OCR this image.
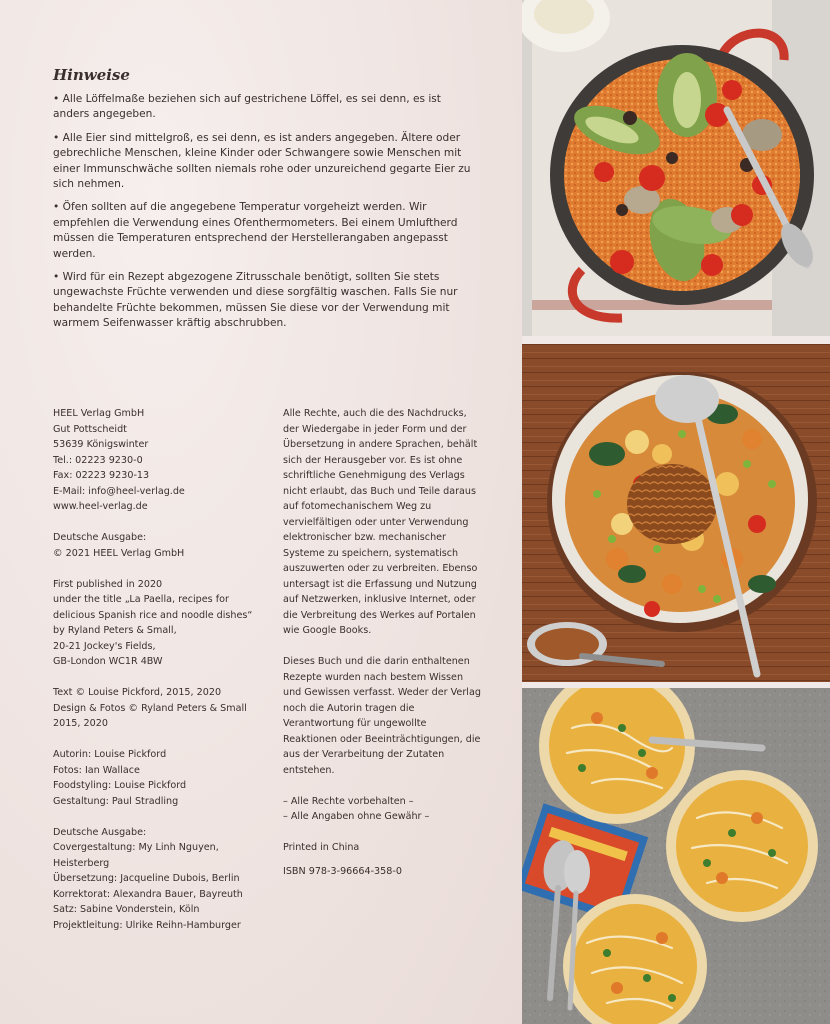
Hinweise

• Alle Löffelmaße beziehen sich auf gestrichene Löffel, es sei denn, es ist anders angegeben.

• Alle Eier sind mittelgroß, es sei denn, es ist anders angegeben. Ältere oder gebrechliche Menschen, kleine Kinder oder Schwangere sowie Menschen mit einer Immunschwäche sollten niemals rohe oder unzureichend gegarte Eier zu sich nehmen.

• Öfen sollten auf die angegebene Temperatur vorgeheizt werden. Wir empfehlen die Verwendung eines Ofenthermometers. Bei einem Umluftherd müssen die Temperaturen entsprechend der Herstellerangaben angepasst werden.

• Wird für ein Rezept abgezogene Zitrusschale benötigt, sollten Sie stets ungewachste Früchte verwenden und diese sorgfältig waschen. Falls Sie nur behandelte Früchte bekommen, müssen Sie diese vor der Verwendung mit warmem Seifenwasser kräftig abschrubben.

HEEL Verlag GmbH
Gut Pottscheidt
53639 Königswinter
Tel.: 02223 9230-0
Fax: 02223 9230-13
E-Mail: info@heel-verlag.de
www.heel-verlag.de
Deutsche Ausgabe:
© 2021 HEEL Verlag GmbH
First published in 2020
under the title „La Paella, recipes for
delicious Spanish rice and noodle dishes“
by Ryland Peters & Small,
20-21 Jockey's Fields,
GB-London WC1R 4BW
Text © Louise Pickford, 2015, 2020
Design & Fotos © Ryland Peters & Small
2015, 2020
Autorin: Louise Pickford
Fotos: Ian Wallace
Foodstyling: Louise Pickford
Gestaltung: Paul Stradling
Deutsche Ausgabe:
Covergestaltung: My Linh Nguyen,
Heisterberg
Übersetzung: Jacqueline Dubois, Berlin
Korrektorat: Alexandra Bauer, Bayreuth
Satz: Sabine Vonderstein, Köln
Projektleitung: Ulrike Reihn-Hamburger
Alle Rechte, auch die des Nachdrucks,
der Wiedergabe in jeder Form und der
Übersetzung in andere Sprachen, behält
sich der Herausgeber vor. Es ist ohne
schriftliche Genehmigung des Verlags
nicht erlaubt, das Buch und Teile daraus
auf fotomechanischem Weg zu
vervielfältigen oder unter Verwendung
elektronischer bzw. mechanischer
Systeme zu speichern, systematisch
auszuwerten oder zu verbreiten. Ebenso
untersagt ist die Erfassung und Nutzung
auf Netzwerken, inklusive Internet, oder
die Verbreitung des Werkes auf Portalen
wie Google Books.
Dieses Buch und die darin enthaltenen
Rezepte wurden nach bestem Wissen
und Gewissen verfasst. Weder der Verlag
noch die Autorin tragen die
Verantwortung für ungewollte
Reaktionen oder Beeinträchtigungen, die
aus der Verarbeitung der Zutaten
entstehen.
– Alle Rechte vorbehalten –
– Alle Angaben ohne Gewähr –
Printed in China
ISBN 978-3-96664-358-0
